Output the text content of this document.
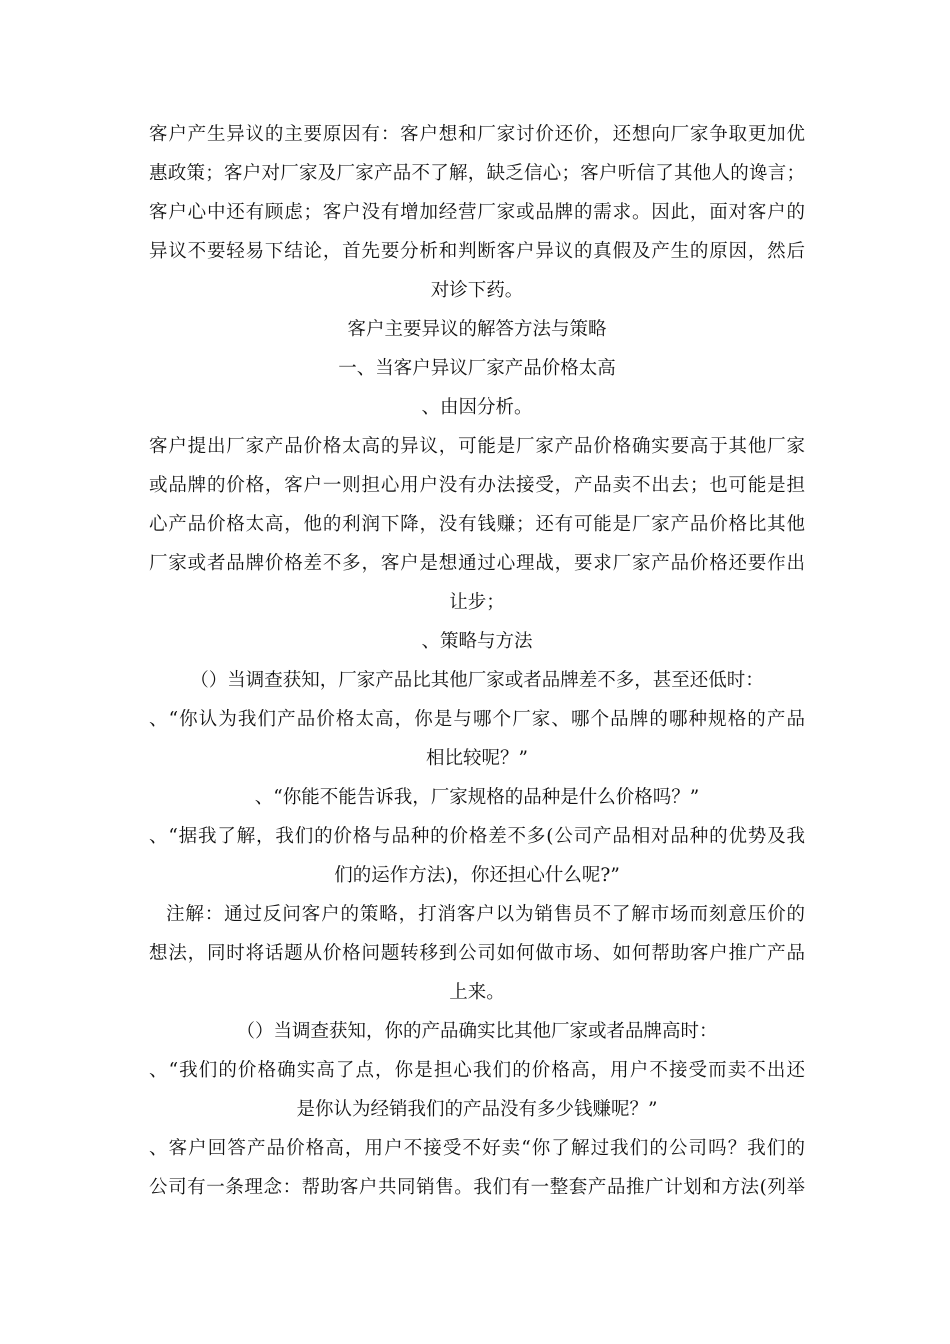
客户产生异议的主要原因有：客户想和厂家讨价还价，还想向厂家争取更加优
惠政策；客户对厂家及厂家产品不了解，缺乏信心；客户听信了其他人的谗言；
客户心中还有顾虑；客户没有增加经营厂家或品牌的需求。因此，面对客户的
异议不要轻易下结论，首先要分析和判断客户异议的真假及产生的原因，然后
对诊下药。
客户主要异议的解答方法与策略
一、当客户异议厂家产品价格太高
、由因分析。
客户提出厂家产品价格太高的异议，可能是厂家产品价格确实要高于其他厂家
或品牌的价格，客户一则担心用户没有办法接受，产品卖不出去；也可能是担
心产品价格太高，他的利润下降，没有钱赚；还有可能是厂家产品价格比其他
厂家或者品牌价格差不多，客户是想通过心理战，要求厂家产品价格还要作出
让步；
、策略与方法
（）当调查获知，厂家产品比其他厂家或者品牌差不多，甚至还低时：
、“你认为我们产品价格太高，你是与哪个厂家、哪个品牌的哪种规格的产品
相比较呢？”
、“你能不能告诉我，厂家规格的品种是什么价格吗？”
、“据我了解，我们的价格与品种的价格差不多(公司产品相对品种的优势及我
们的运作方法)，你还担心什么呢?”
注解：通过反问客户的策略，打消客户以为销售员不了解市场而刻意压价的
想法，同时将话题从价格问题转移到公司如何做市场、如何帮助客户推广产品
上来。
（）当调查获知，你的产品确实比其他厂家或者品牌高时：
、“我们的价格确实高了点，你是担心我们的价格高，用户不接受而卖不出还
是你认为经销我们的产品没有多少钱赚呢？”
、客户回答产品价格高，用户不接受不好卖“你了解过我们的公司吗？我们的
公司有一条理念：帮助客户共同销售。我们有一整套产品推广计划和方法(列举
